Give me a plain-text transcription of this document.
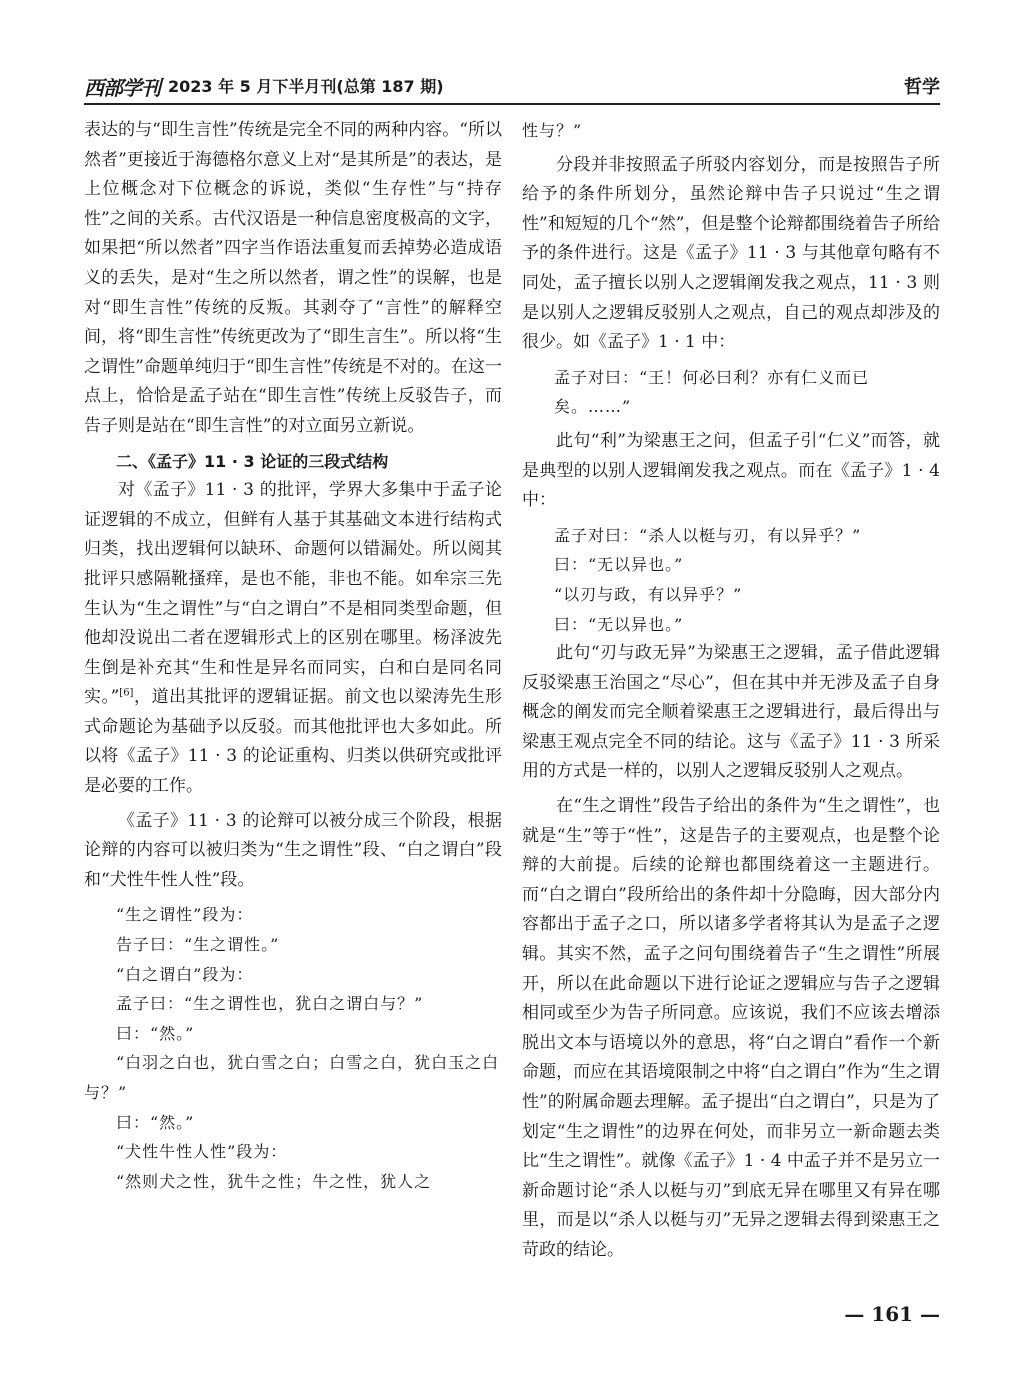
西部学刊 2023 年 5 月下半月刊(总第 187 期)	哲学

表达的与“即生言性”传统是完全不同的两种内容。“所以然者”更接近于海德格尔意义上对“是其所是”的表达，是上位概念对下位概念的诉说，类似“生存性”与“持存性”之间的关系。古代汉语是一种信息密度极高的文字，如果把“所以然者”四字当作语法重复而丢掉势必造成语义的丢失，是对“生之所以然者，谓之性”的误解，也是对“即生言性”传统的反叛。其剥夺了“言性”的解释空间，将“即生言性”传统更改为了“即生言生”。所以将“生之谓性”命题单纯归于“即生言性”传统是不对的。在这一点上，恰恰是孟子站在“即生言性”传统上反驳告子，而告子则是站在“即生言性”的对立面另立新说。

二、《孟子》11 · 3 论证的三段式结构

对《孟子》11 · 3 的批评，学界大多集中于孟子论证逻辑的不成立，但鲜有人基于其基础文本进行结构式归类，找出逻辑何以缺环、命题何以错漏处。所以阅其批评只感隔靴搔痒，是也不能，非也不能。如牟宗三先生认为“生之谓性”与“白之谓白”不是相同类型命题，但他却没说出二者在逻辑形式上的区别在哪里。杨泽波先生倒是补充其“生和性是异名而同实，白和白是同名同实。”[6]，道出其批评的逻辑证据。前文也以梁涛先生形式命题论为基础予以反驳。而其他批评也大多如此。所以将《孟子》11 · 3 的论证重构、归类以供研究或批评是必要的工作。

《孟子》11 · 3 的论辩可以被分成三个阶段，根据论辩的内容可以被归类为“生之谓性”段、“白之谓白”段和“犬性牛性人性”段。

“生之谓性”段为：

告子曰：“生之谓性。”

“白之谓白”段为：

孟子曰：“生之谓性也，犹白之谓白与？”

曰：“然。”

“白羽之白也，犹白雪之白；白雪之白，犹白玉之白与？”

曰：“然。”

“犬性牛性人性”段为：

“然则犬之性，犹牛之性；牛之性，犹人之

性与？”

分段并非按照孟子所驳内容划分，而是按照告子所给予的条件所划分，虽然论辩中告子只说过“生之谓性”和短短的几个“然”，但是整个论辩都围绕着告子所给予的条件进行。这是《孟子》11 · 3 与其他章句略有不同处，孟子擅长以别人之逻辑阐发我之观点，11 · 3 则是以别人之逻辑反驳别人之观点，自己的观点却涉及的很少。如《孟子》1 · 1 中：

孟子对曰：“王！何必曰利？亦有仁义而已矣。……”

此句“利”为梁惠王之问，但孟子引“仁义”而答，就是典型的以别人逻辑阐发我之观点。而在《孟子》1 · 4 中：

孟子对曰：“杀人以梃与刃，有以异乎？”

曰：“无以异也。”

“以刃与政，有以异乎？”

曰：“无以异也。”

此句“刃与政无异”为梁惠王之逻辑，孟子借此逻辑反驳梁惠王治国之“尽心”，但在其中并无涉及孟子自身概念的阐发而完全顺着梁惠王之逻辑进行，最后得出与梁惠王观点完全不同的结论。这与《孟子》11 · 3 所采用的方式是一样的，以别人之逻辑反驳别人之观点。

在“生之谓性”段告子给出的条件为“生之谓性”，也就是“生”等于“性”，这是告子的主要观点，也是整个论辩的大前提。后续的论辩也都围绕着这一主题进行。而“白之谓白”段所给出的条件却十分隐晦，因大部分内容都出于孟子之口，所以诸多学者将其认为是孟子之逻辑。其实不然，孟子之问句围绕着告子“生之谓性”所展开，所以在此命题以下进行论证之逻辑应与告子之逻辑相同或至少为告子所同意。应该说，我们不应该去增添脱出文本与语境以外的意思，将“白之谓白”看作一个新命题，而应在其语境限制之中将“白之谓白”作为“生之谓性”的附属命题去理解。孟子提出“白之谓白”，只是为了划定“生之谓性”的边界在何处，而非另立一新命题去类比“生之谓性”。就像《孟子》1 · 4 中孟子并不是另立一新命题讨论“杀人以梃与刃”到底无异在哪里又有异在哪里，而是以“杀人以梃与刃”无异之逻辑去得到梁惠王之苛政的结论。

— 161 —
